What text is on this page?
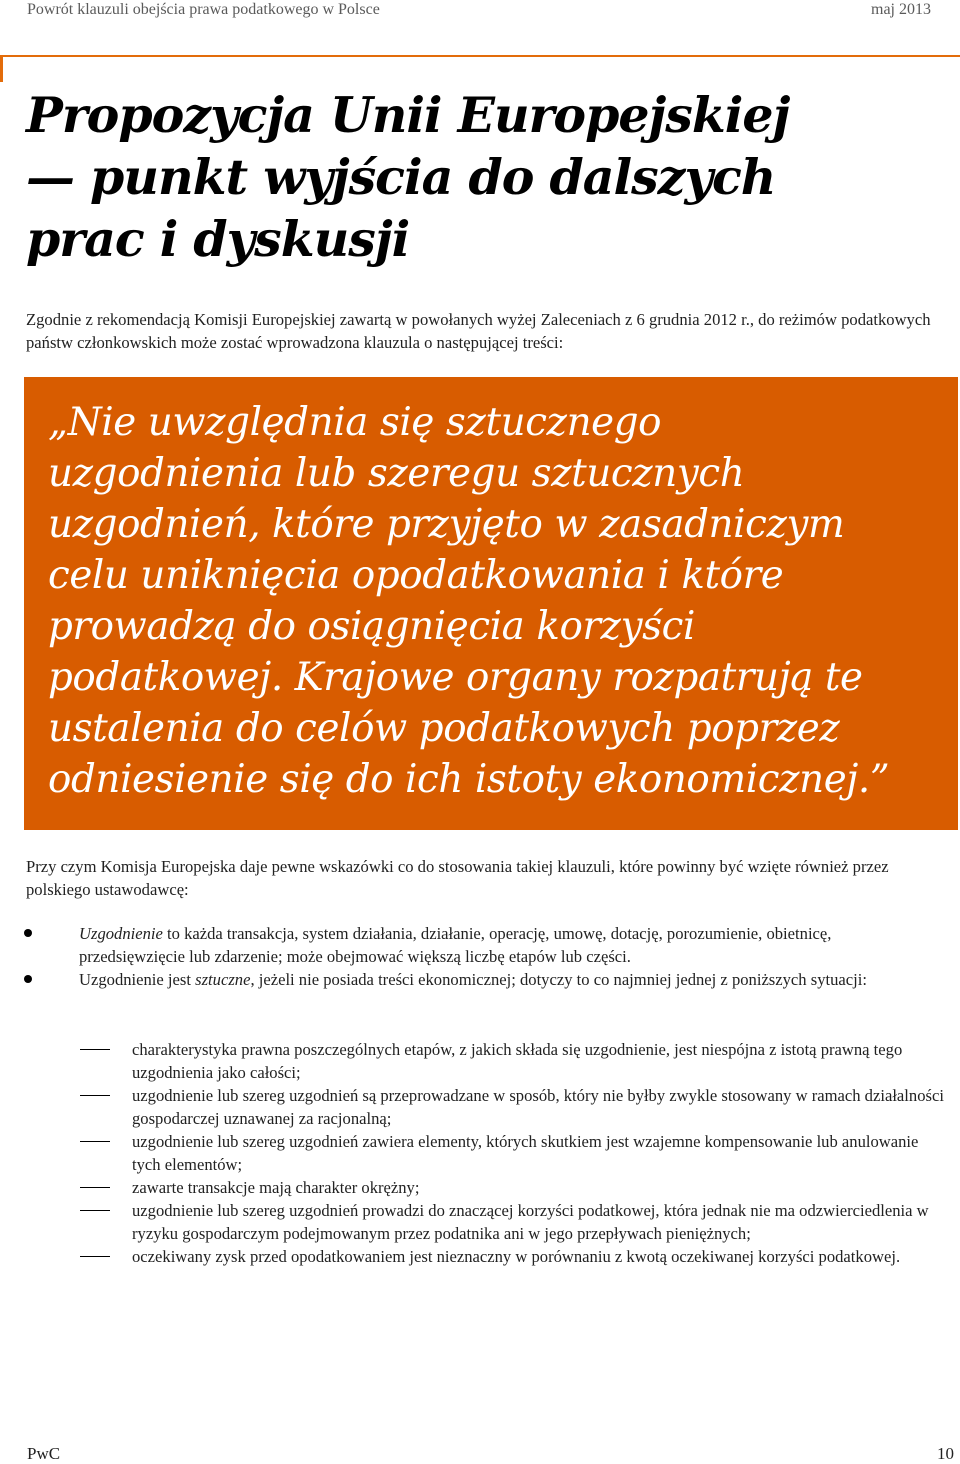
Powrót klauzuli obejścia prawa podatkowego w Polsce	maj 2013
Propozycja Unii Europejskiej
— punkt wyjścia do dalszych
prac i dyskusji

Zgodnie z rekomendacją Komisji Europejskiej zawartą w powołanych wyżej Zaleceniach z 6 grudnia 2012 r., do reżimów podatkowych państw członkowskich może zostać wprowadzona klauzula o następującej treści:

„Nie uwzględnia się sztucznego
uzgodnienia lub szeregu sztucznych
uzgodnień, które przyjęto w zasadniczym
celu uniknięcia opodatkowania i które
prowadzą do osiągnięcia korzyści
podatkowej. Krajowe organy rozpatrują te
ustalenia do celów podatkowych poprzez
odniesienie się do ich istoty ekonomicznej.”

Przy czym Komisja Europejska daje pewne wskazówki co do stosowania takiej klauzuli, które powinny być wzięte również przez polskiego ustawodawcę:

Uzgodnienie to każda transakcja, system działania, działanie, operację, umowę, dotację, porozumienie, obietnicę, przedsięwzięcie lub zdarzenie; może obejmować większą liczbę etapów lub części.
Uzgodnienie jest sztuczne, jeżeli nie posiada treści ekonomicznej; dotyczy to co najmniej jednej z poniższych sytuacji:
charakterystyka prawna poszczególnych etapów, z jakich składa się uzgodnienie, jest niespójna z istotą prawną tego uzgodnienia jako całości;
uzgodnienie lub szereg uzgodnień są przeprowadzane w sposób, który nie byłby zwykle stosowany w ramach działalności gospodarczej uznawanej za racjonalną;
uzgodnienie lub szereg uzgodnień zawiera elementy, których skutkiem jest wzajemne kompensowanie lub anulowanie tych elementów;
zawarte transakcje mają charakter okrężny;
uzgodnienie lub szereg uzgodnień prowadzi do znaczącej korzyści podatkowej, która jednak nie ma odzwierciedlenia w ryzyku gospodarczym podejmowanym przez podatnika ani w jego przepływach pieniężnych;
oczekiwany zysk przed opodatkowaniem jest nieznaczny w porównaniu z kwotą oczekiwanej korzyści podatkowej.
PwC	10
